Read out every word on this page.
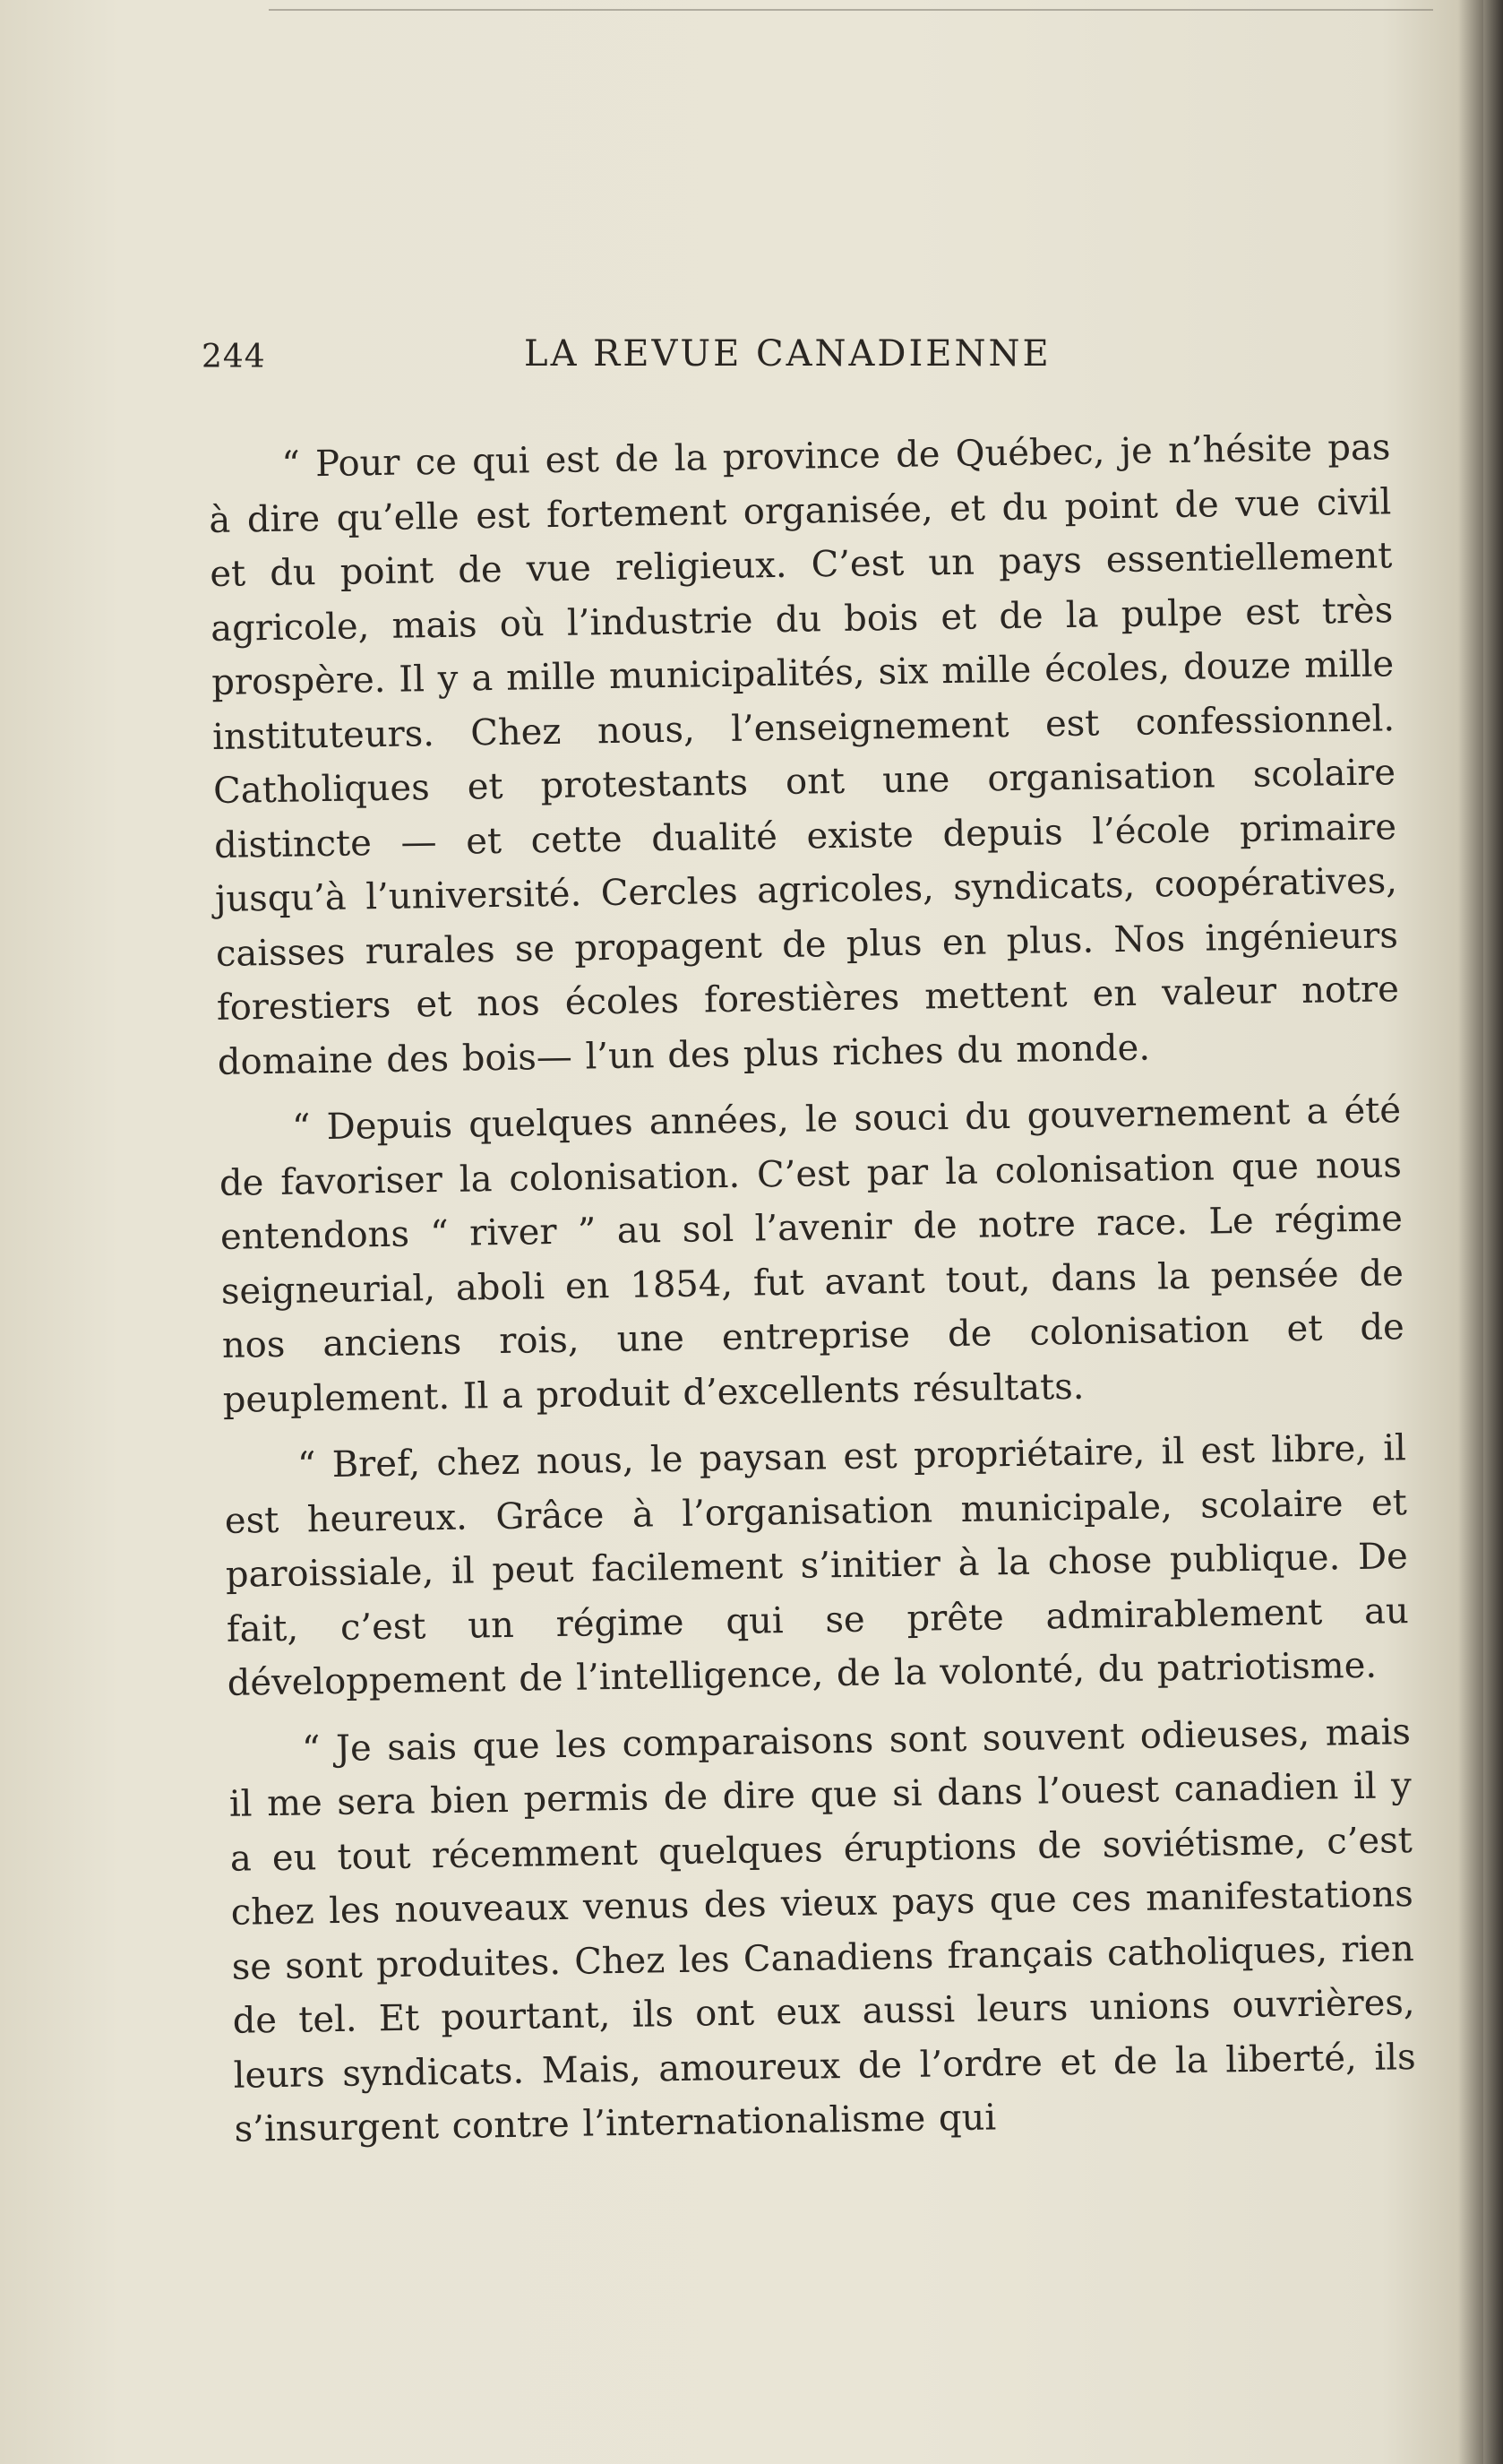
244	LA REVUE CANADIENNE

“ Pour ce qui est de la province de Québec, je n’hésite pas à dire qu’elle est fortement organisée, et du point de vue civil et du point de vue religieux. C’est un pays essentiellement agricole, mais où l’industrie du bois et de la pulpe est très prospère. Il y a mille municipalités, six mille écoles, douze mille instituteurs. Chez nous, l’enseignement est confessionnel. Catholiques et protestants ont une organisation scolaire distincte — et cette dualité existe depuis l’école primaire jusqu’à l’université. Cercles agricoles, syndicats, coopératives, caisses rurales se propagent de plus en plus. Nos ingénieurs forestiers et nos écoles forestières mettent en valeur notre domaine des bois— l’un des plus riches du monde.

“ Depuis quelques années, le souci du gouvernement a été de favoriser la colonisation. C’est par la colonisation que nous entendons “ river ” au sol l’avenir de notre race. Le régime seigneurial, aboli en 1854, fut avant tout, dans la pensée de nos anciens rois, une entreprise de colonisation et de peuplement. Il a produit d’excellents résultats.

“ Bref, chez nous, le paysan est propriétaire, il est libre, il est heureux. Grâce à l’organisation municipale, scolaire et paroissiale, il peut facilement s’initier à la chose publique. De fait, c’est un régime qui se prête admirablement au développement de l’intelligence, de la volonté, du patriotisme.

“ Je sais que les comparaisons sont souvent odieuses, mais il me sera bien permis de dire que si dans l’ouest canadien il y a eu tout récemment quelques éruptions de soviétisme, c’est chez les nouveaux venus des vieux pays que ces manifestations se sont produites. Chez les Canadiens français catholiques, rien de tel. Et pourtant, ils ont eux aussi leurs unions ouvrières, leurs syndicats. Mais, amoureux de l’ordre et de la liberté, ils s’insurgent contre l’internationalisme qui
